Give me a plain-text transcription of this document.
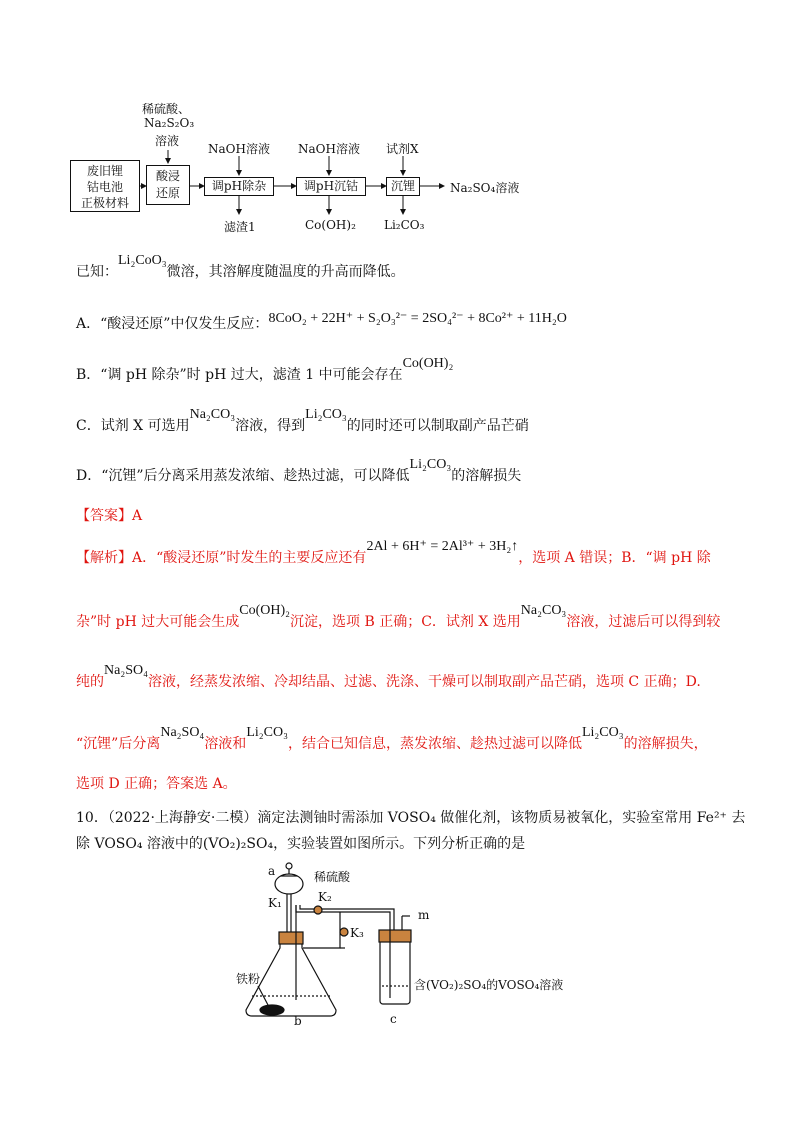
废旧锂
钴电池
正极材料
酸浸
还原	调pH除杂	调pH沉钴	沉锂
稀硫酸、
Na₂S₂O₃
溶液
NaOH溶液 NaOH溶液 试剂X
滤渣1	Co(OH)₂ Li₂CO₃
Na₂SO₄溶液
已知：Li₂CoO₃微溶，其溶解度随温度的升高而降低。
A．“酸浸还原”中仅发生反应：8CoO₂ + 22H⁺ + S₂O₃²⁻ = 2SO₄²⁻ + 8Co²⁺ + 11H₂O
B．“调 pH 除杂”时 pH 过大，滤渣 1 中可能会存在Co(OH)₂
C．试剂 X 可选用Na₂CO₃溶液，得到Li₂CO₃的同时还可以制取副产品芒硝
D．“沉锂”后分离采用蒸发浓缩、趁热过滤，可以降低Li₂CO₃的溶解损失
【答案】A
【解析】A．“酸浸还原”时发生的主要反应还有2Al + 6H⁺ = 2Al³⁺ + 3H₂↑，选项 A 错误；B．“调 pH 除
杂”时 pH 过大可能会生成Co(OH)₂沉淀，选项 B 正确；C．试剂 X 选用Na₂CO₃溶液，过滤后可以得到较
纯的Na₂SO₄溶液，经蒸发浓缩、冷却结晶、过滤、洗涤、干燥可以制取副产品芒硝，选项 C 正确；D.
“沉锂”后分离Na₂SO₄溶液和Li₂CO₃，结合已知信息，蒸发浓缩、趁热过滤可以降低Li₂CO₃的溶解损失，
选项 D 正确；答案选 A。
10．（2022·上海静安·二模）滴定法测铀时需添加 VOSO₄ 做催化剂，该物质易被氧化，实验室常用 Fe²⁺ 去
除 VOSO₄ 溶液中的(VO₂)₂SO₄，实验装置如图所示。下列分析正确的是
a	稀硫酸
K₁	K₂
K₃
m
铁粉
b	c
含(VO₂)₂SO₄的VOSO₄溶液
